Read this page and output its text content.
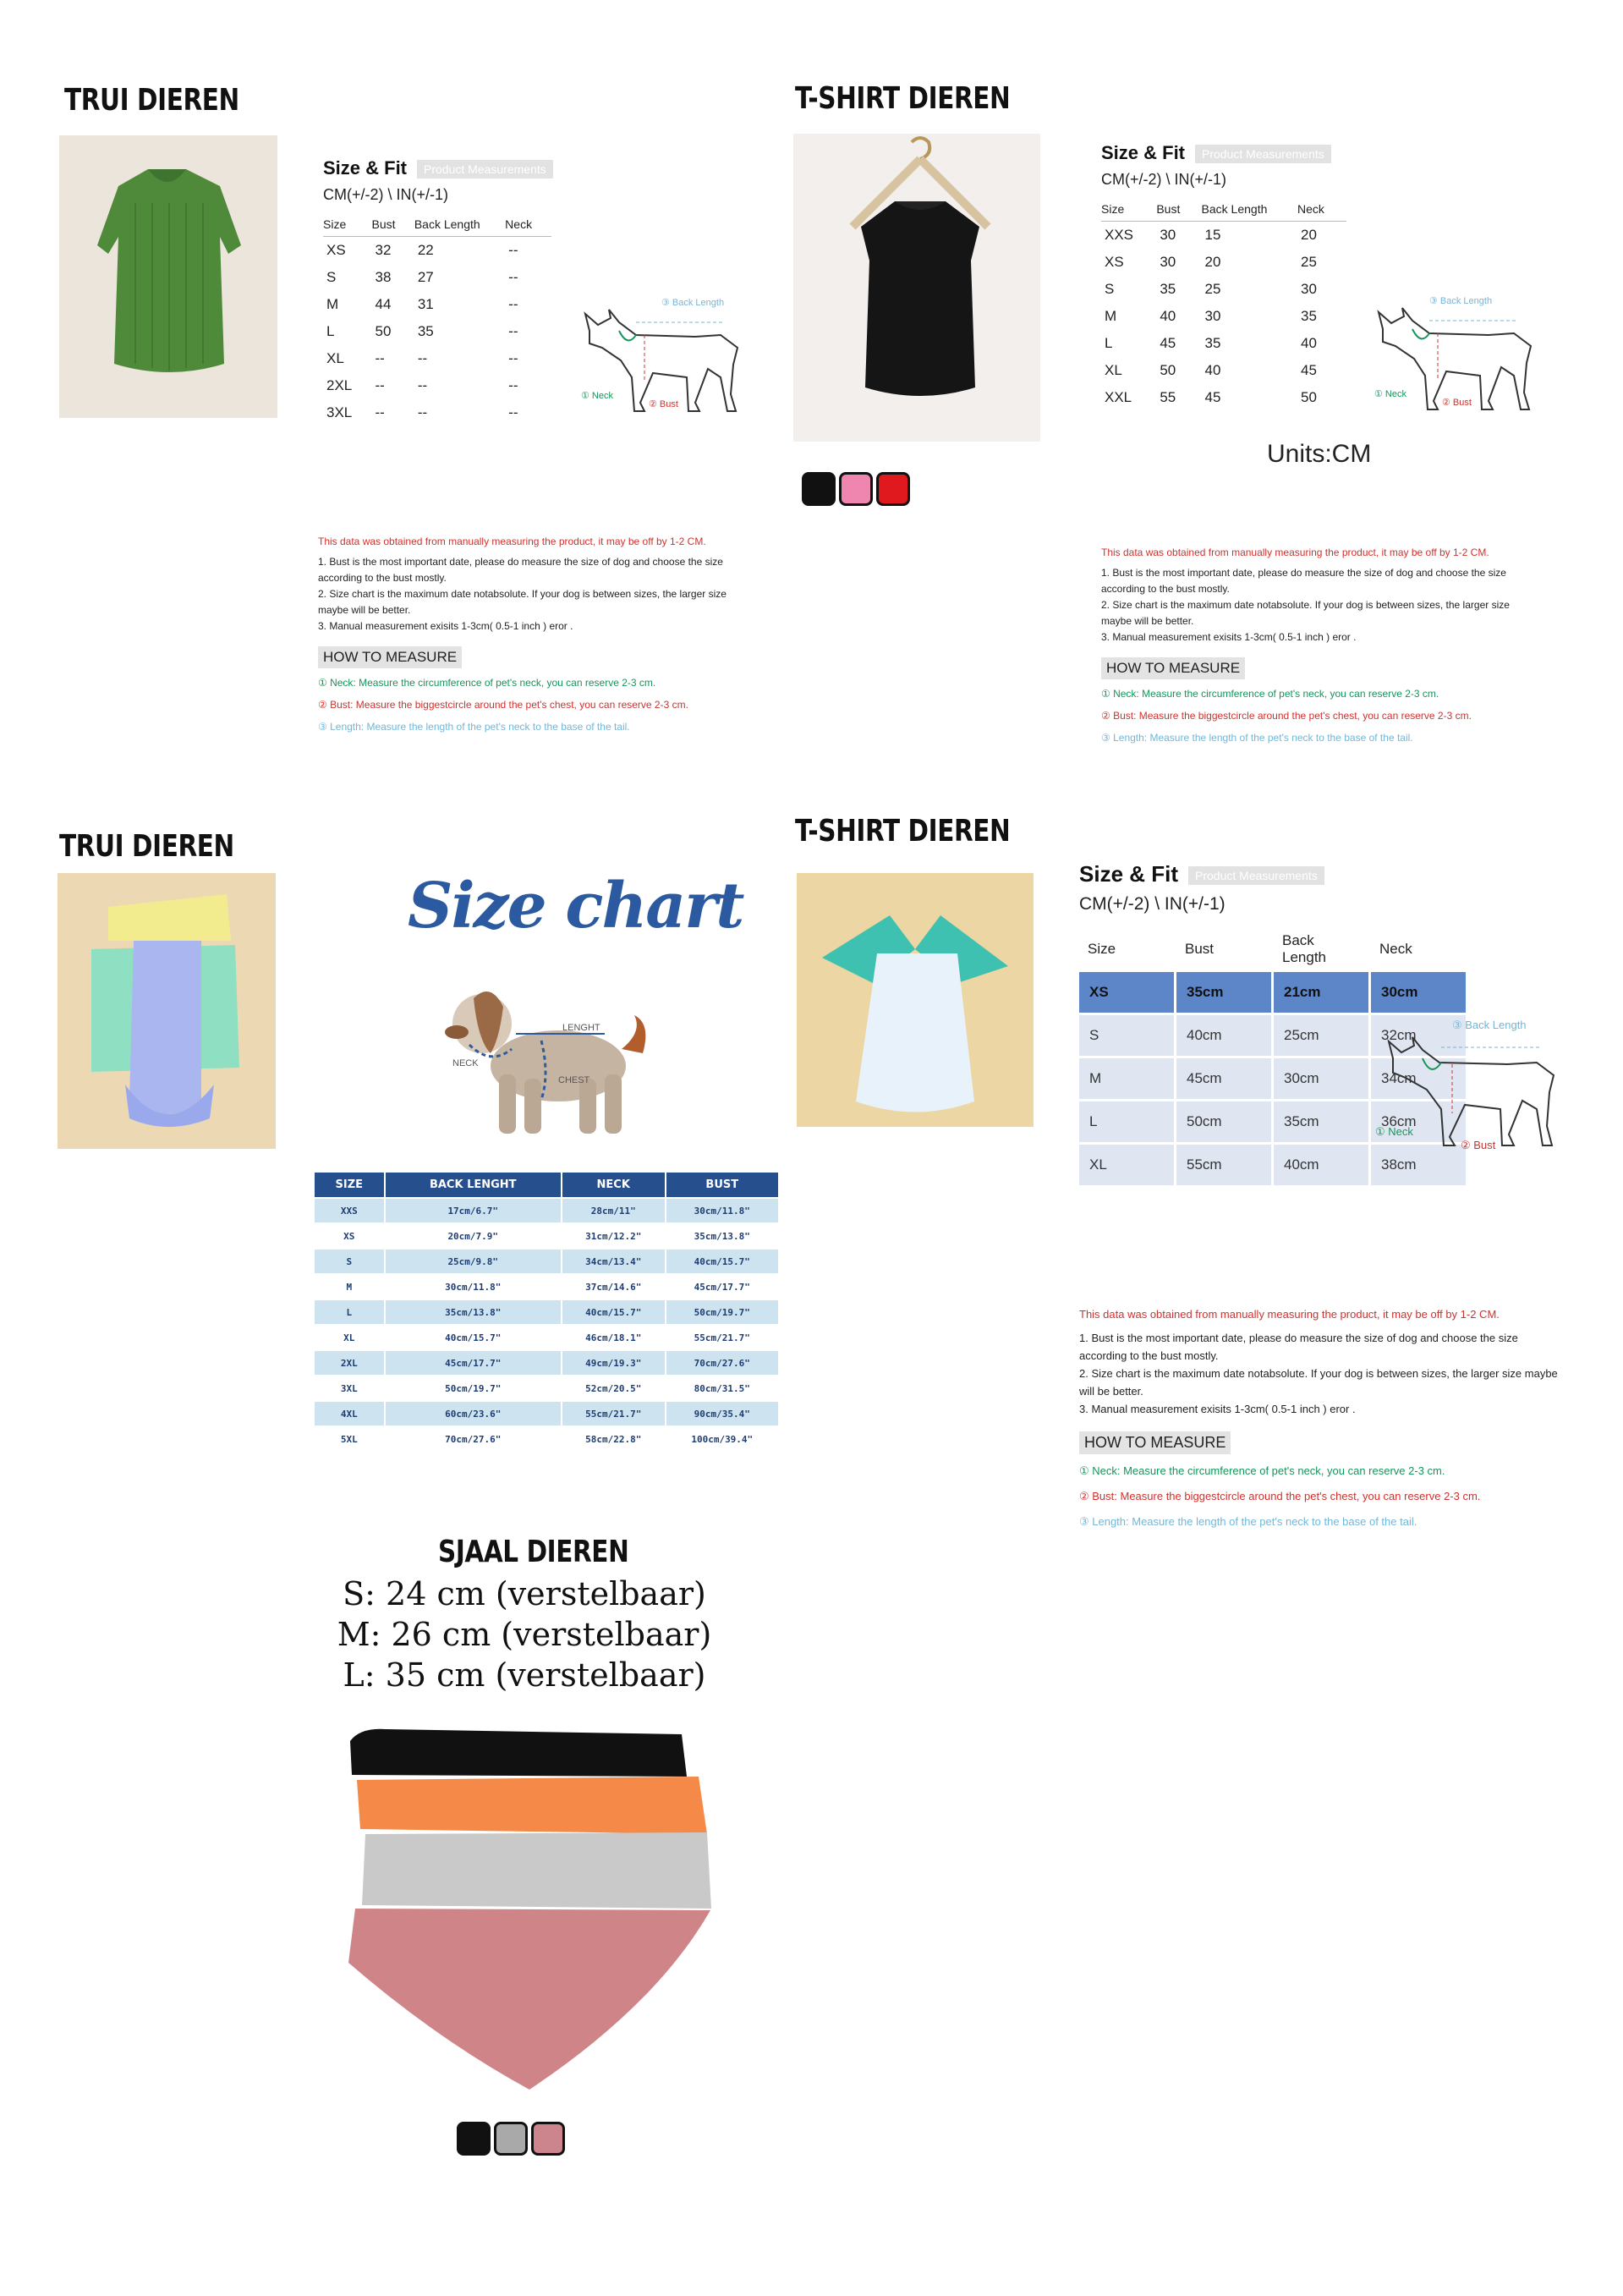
TRUI DIEREN
Size & Fit Product Measurements
CM(+/-2) \ IN(+/-1)
Size	Bust	Back Length	Neck
XS	32	22	--
S	38	27	--
M	44	31	--
L	50	35	--
XL	--	--	--
2XL	--	--	--
3XL	--	--	--
③ Back Length
① Neck
② Bust
This data was obtained from manually measuring the product, it may be off by 1-2 CM.
1. Bust is the most important date, please do measure the size of dog and choose the size according to the bust mostly.
2. Size chart is the maximum date notabsolute. If your dog is between sizes, the larger size maybe will be better.
3. Manual measurement exisits 1-3cm( 0.5-1 inch ) eror .
HOW TO MEASURE
① Neck: Measure the circumference of pet's neck, you can reserve 2-3 cm.
② Bust: Measure the biggestcircle around the pet's chest, you can reserve 2-3 cm.
③ Length: Measure the length of the pet's neck to the base of the tail.
T-SHIRT DIEREN
Size & Fit Product Measurements
CM(+/-2) \ IN(+/-1)
Size	Bust	Back Length	Neck
XXS	30	15	20
XS	30	20	25
S	35	25	30
M	40	30	35
L	45	35	40
XL	50	40	45
XXL	55	45	50
③ Back Length
① Neck
② Bust
Units:CM
This data was obtained from manually measuring the product, it may be off by 1-2 CM.
1. Bust is the most important date, please do measure the size of dog and choose the size according to the bust mostly.
2. Size chart is the maximum date notabsolute. If your dog is between sizes, the larger size maybe will be better.
3. Manual measurement exisits 1-3cm( 0.5-1 inch ) eror .
HOW TO MEASURE
① Neck: Measure the circumference of pet's neck, you can reserve 2-3 cm.
② Bust: Measure the biggestcircle around the pet's chest, you can reserve 2-3 cm.
③ Length: Measure the length of the pet's neck to the base of the tail.
TRUI DIEREN
Size chart
LENGHT
NECK
CHEST
SIZE	BACK LENGHT	NECK	BUST
XXS	17cm/6.7"	28cm/11"	30cm/11.8"
XS	20cm/7.9"	31cm/12.2"	35cm/13.8"
S	25cm/9.8"	34cm/13.4"	40cm/15.7"
M	30cm/11.8"	37cm/14.6"	45cm/17.7"
L	35cm/13.8"	40cm/15.7"	50cm/19.7"
XL	40cm/15.7"	46cm/18.1"	55cm/21.7"
2XL	45cm/17.7"	49cm/19.3"	70cm/27.6"
3XL	50cm/19.7"	52cm/20.5"	80cm/31.5"
4XL	60cm/23.6"	55cm/21.7"	90cm/35.4"
5XL	70cm/27.6"	58cm/22.8"	100cm/39.4"
T-SHIRT DIEREN
Size & Fit Product Measurements
CM(+/-2) \ IN(+/-1)
Size	Bust	Back Length	Neck
XS	35cm	21cm	30cm
S	40cm	25cm	32cm
M	45cm	30cm	34cm
L	50cm	35cm	36cm
XL	55cm	40cm	38cm
③ Back Length
① Neck
② Bust
This data was obtained from manually measuring the product, it may be off by 1-2 CM.
1. Bust is the most important date, please do measure the size of dog and choose the size according to the bust mostly.
2. Size chart is the maximum date notabsolute. If your dog is between sizes, the larger size maybe will be better.
3. Manual measurement exisits 1-3cm( 0.5-1 inch ) eror .
HOW TO MEASURE
① Neck: Measure the circumference of pet's neck, you can reserve 2-3 cm.
② Bust: Measure the biggestcircle around the pet's chest, you can reserve 2-3 cm.
③ Length: Measure the length of the pet's neck to the base of the tail.
SJAAL DIEREN
S: 24 cm (verstelbaar)
M: 26 cm (verstelbaar)
L: 35 cm (verstelbaar)
